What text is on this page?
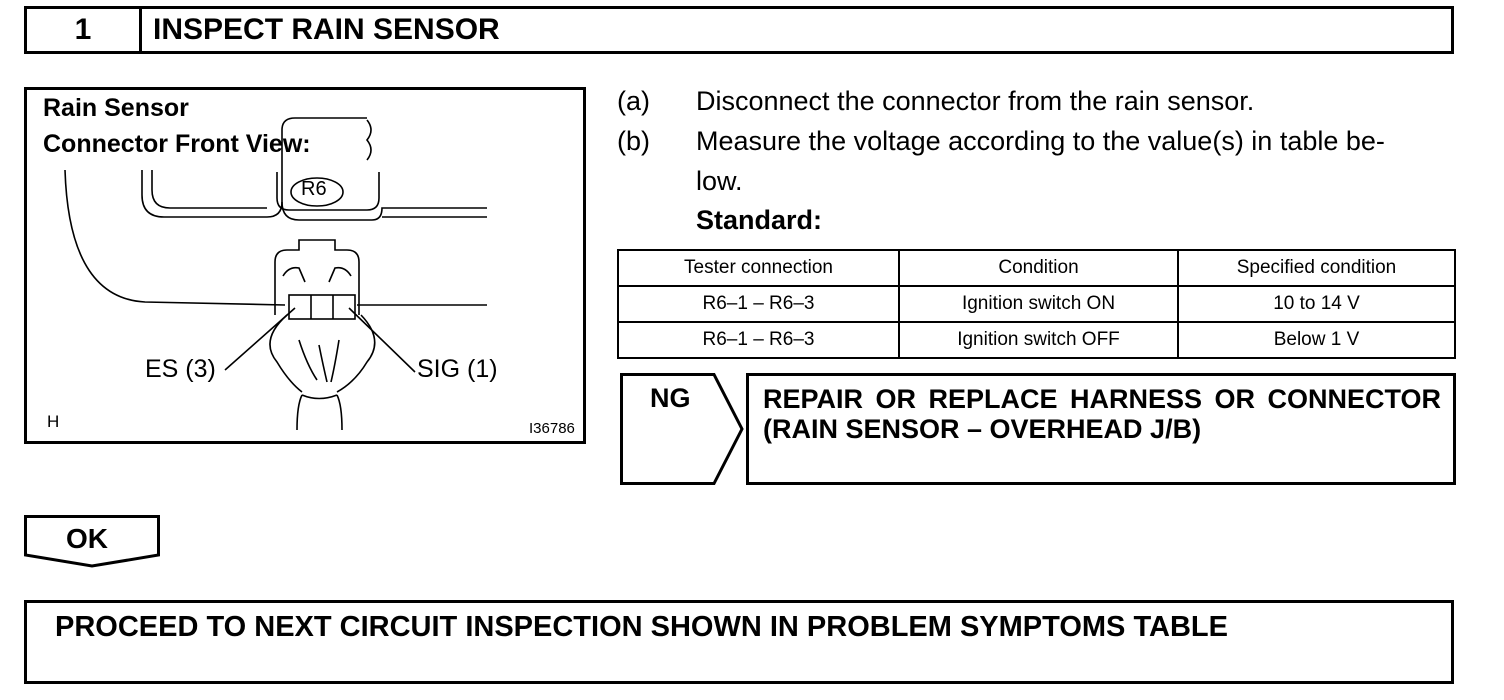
1	INSPECT RAIN SENSOR
Rain Sensor
Connector Front View:
R6
ES (3)	SIG (1)
H	I36786
(a) Disconnect the connector from the rain sensor.
(b) Measure the voltage according to the value(s) in table be-
low.
Standard:
Tester connection	Condition	Specified condition
R6–1 – R6–3	Ignition switch ON	10 to 14 V
R6–1 – R6–3	Ignition switch OFF	Below 1 V
NG	REPAIR OR REPLACE HARNESS OR CONNECTOR (RAIN SENSOR – OVERHEAD J/B)
OK
PROCEED TO NEXT CIRCUIT INSPECTION SHOWN IN PROBLEM SYMPTOMS TABLE
